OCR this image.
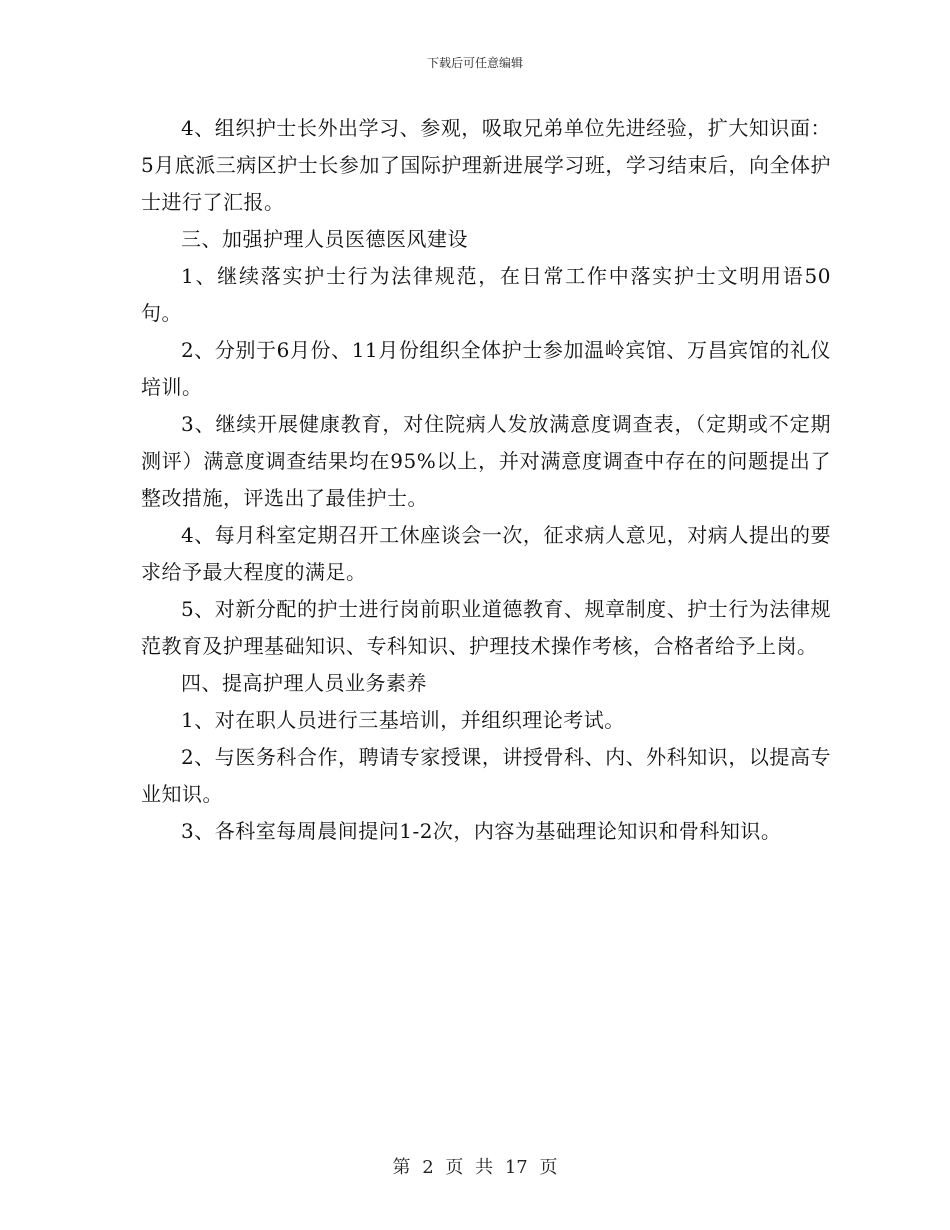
下载后可任意编辑

4、组织护士长外出学习、参观，吸取兄弟单位先进经验，扩大知识面：5月底派三病区护士长参加了国际护理新进展学习班，学习结束后，向全体护士进行了汇报。

三、加强护理人员医德医风建设

1、继续落实护士行为法律规范，在日常工作中落实护士文明用语50句。

2、分别于6月份、11月份组织全体护士参加温岭宾馆、万昌宾馆的礼仪培训。

3、继续开展健康教育，对住院病人发放满意度调查表，（定期或不定期测评）满意度调查结果均在95%以上，并对满意度调查中存在的问题提出了整改措施，评选出了最佳护士。

4、每月科室定期召开工休座谈会一次，征求病人意见，对病人提出的要求给予最大程度的满足。

5、对新分配的护士进行岗前职业道德教育、规章制度、护士行为法律规范教育及护理基础知识、专科知识、护理技术操作考核，合格者给予上岗。

四、提高护理人员业务素养

1、对在职人员进行三基培训，并组织理论考试。

2、与医务科合作，聘请专家授课，讲授骨科、内、外科知识，以提高专业知识。

3、各科室每周晨间提问1-2次，内容为基础理论知识和骨科知识。

第 2 页 共 17 页
